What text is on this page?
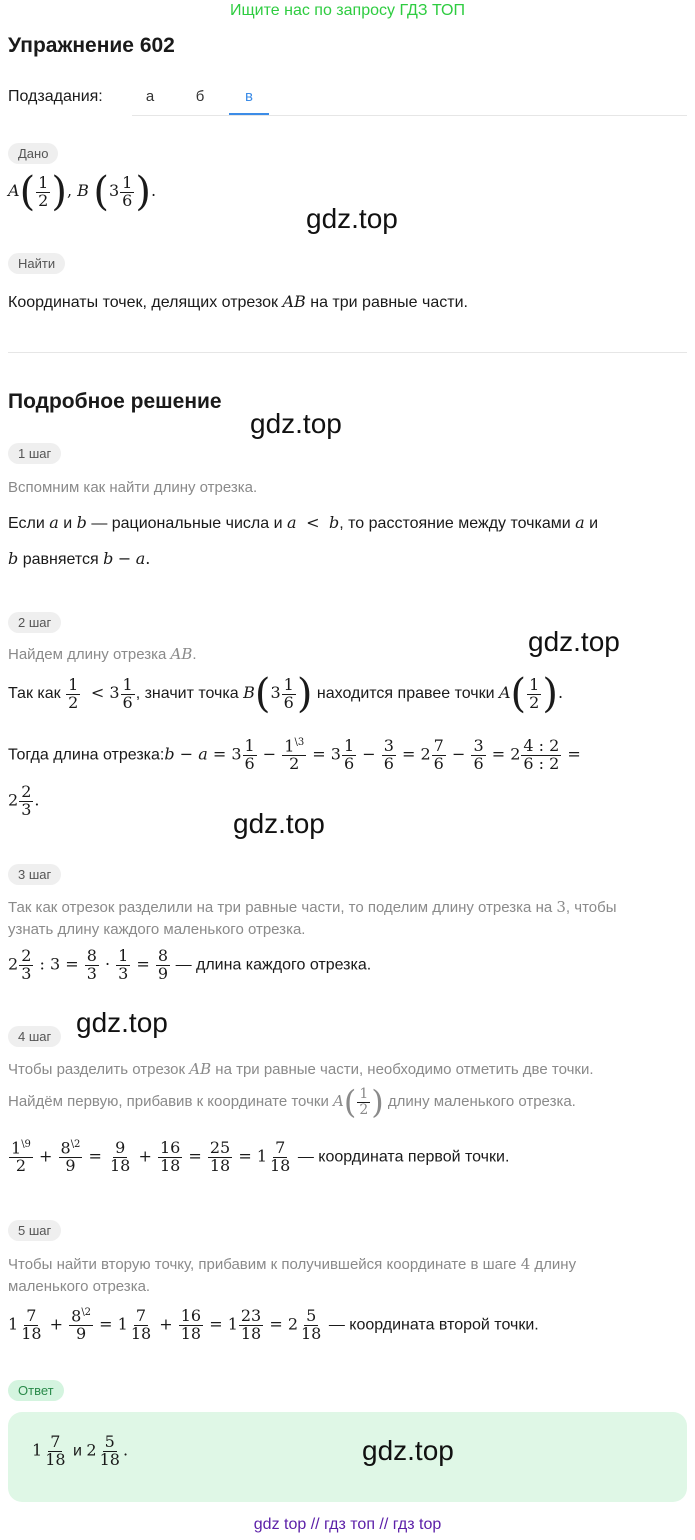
Ищите нас по запросу ГДЗ ТОП
Упражнение 602
Подзадания:	а	б	в
Дано
$A( \frac{1}{2}$ ), B ($3 \frac{1}{6}$ ).
gdz.top
Найти
Координаты точек, делящих отрезок AB на три равные части.
Подробное решение
gdz.top
1 шаг
Вспомним как найти длину отрезка.
Если a и b — рациональные числа и a  <  b, то расстояние между точками a и
b равняется b − a.
2 шаг
gdz.top
Найдем длину отрезка AB.
Так как $\frac{1}{2} < 3 \frac{1}{6}$ , значит точка $B(3 \frac{1}{6}$ ) находится правее точки $A( \frac{1}{2}$ ).
Тогда длина отрезка:b − $a = 3 \frac{1}{6} - \frac{1^{\backslash 3}}{2} = 3 \frac{1}{6} - \frac{3}{6} = 2 \frac{7}{6} - \frac{3}{6} = 2 \frac{4 : 2}{6 : 2}$ =
$2 \frac{2}{3}$ .
gdz.top
3 шаг
Так как отрезок разделили на три равные части, то поделим длину отрезка на 3, чтобы
узнать длину каждого маленького отрезка.
$2 \frac{2}{3}$ : $3 = \frac{8}{3} \cdot \frac{1}{3} = \frac{8}{9}$ — длина каждого отрезка.
gdz.top
4 шаг
Чтобы разделить отрезок AB на три равные части, необходимо отметить две точки.
Найдём первую, прибавив к координате точки $A( \frac{1}{2}$ ) длину маленького отрезка.
$\frac{1^{\backslash 9}}{2} + \frac{8^{\backslash 2}}{9} = \frac{9}{18} + \frac{16}{18} = \frac{25}{18} = 1 \frac{7}{18}$ — координата первой точки.
5 шаг
Чтобы найти вторую точку, прибавим к получившейся координате в шаге 4 длину
маленького отрезка.
$1 \frac{7}{18} + \frac{8^{\backslash 2}}{9} = 1 \frac{7}{18} + \frac{16}{18} = 1 \frac{23}{18} = 2 \frac{5}{18}$ — координата второй точки.
Ответ
$1 \frac{7}{18}$ и $2 \frac{5}{18}$ .	gdz.top
gdz top // гдз топ // гдз top
